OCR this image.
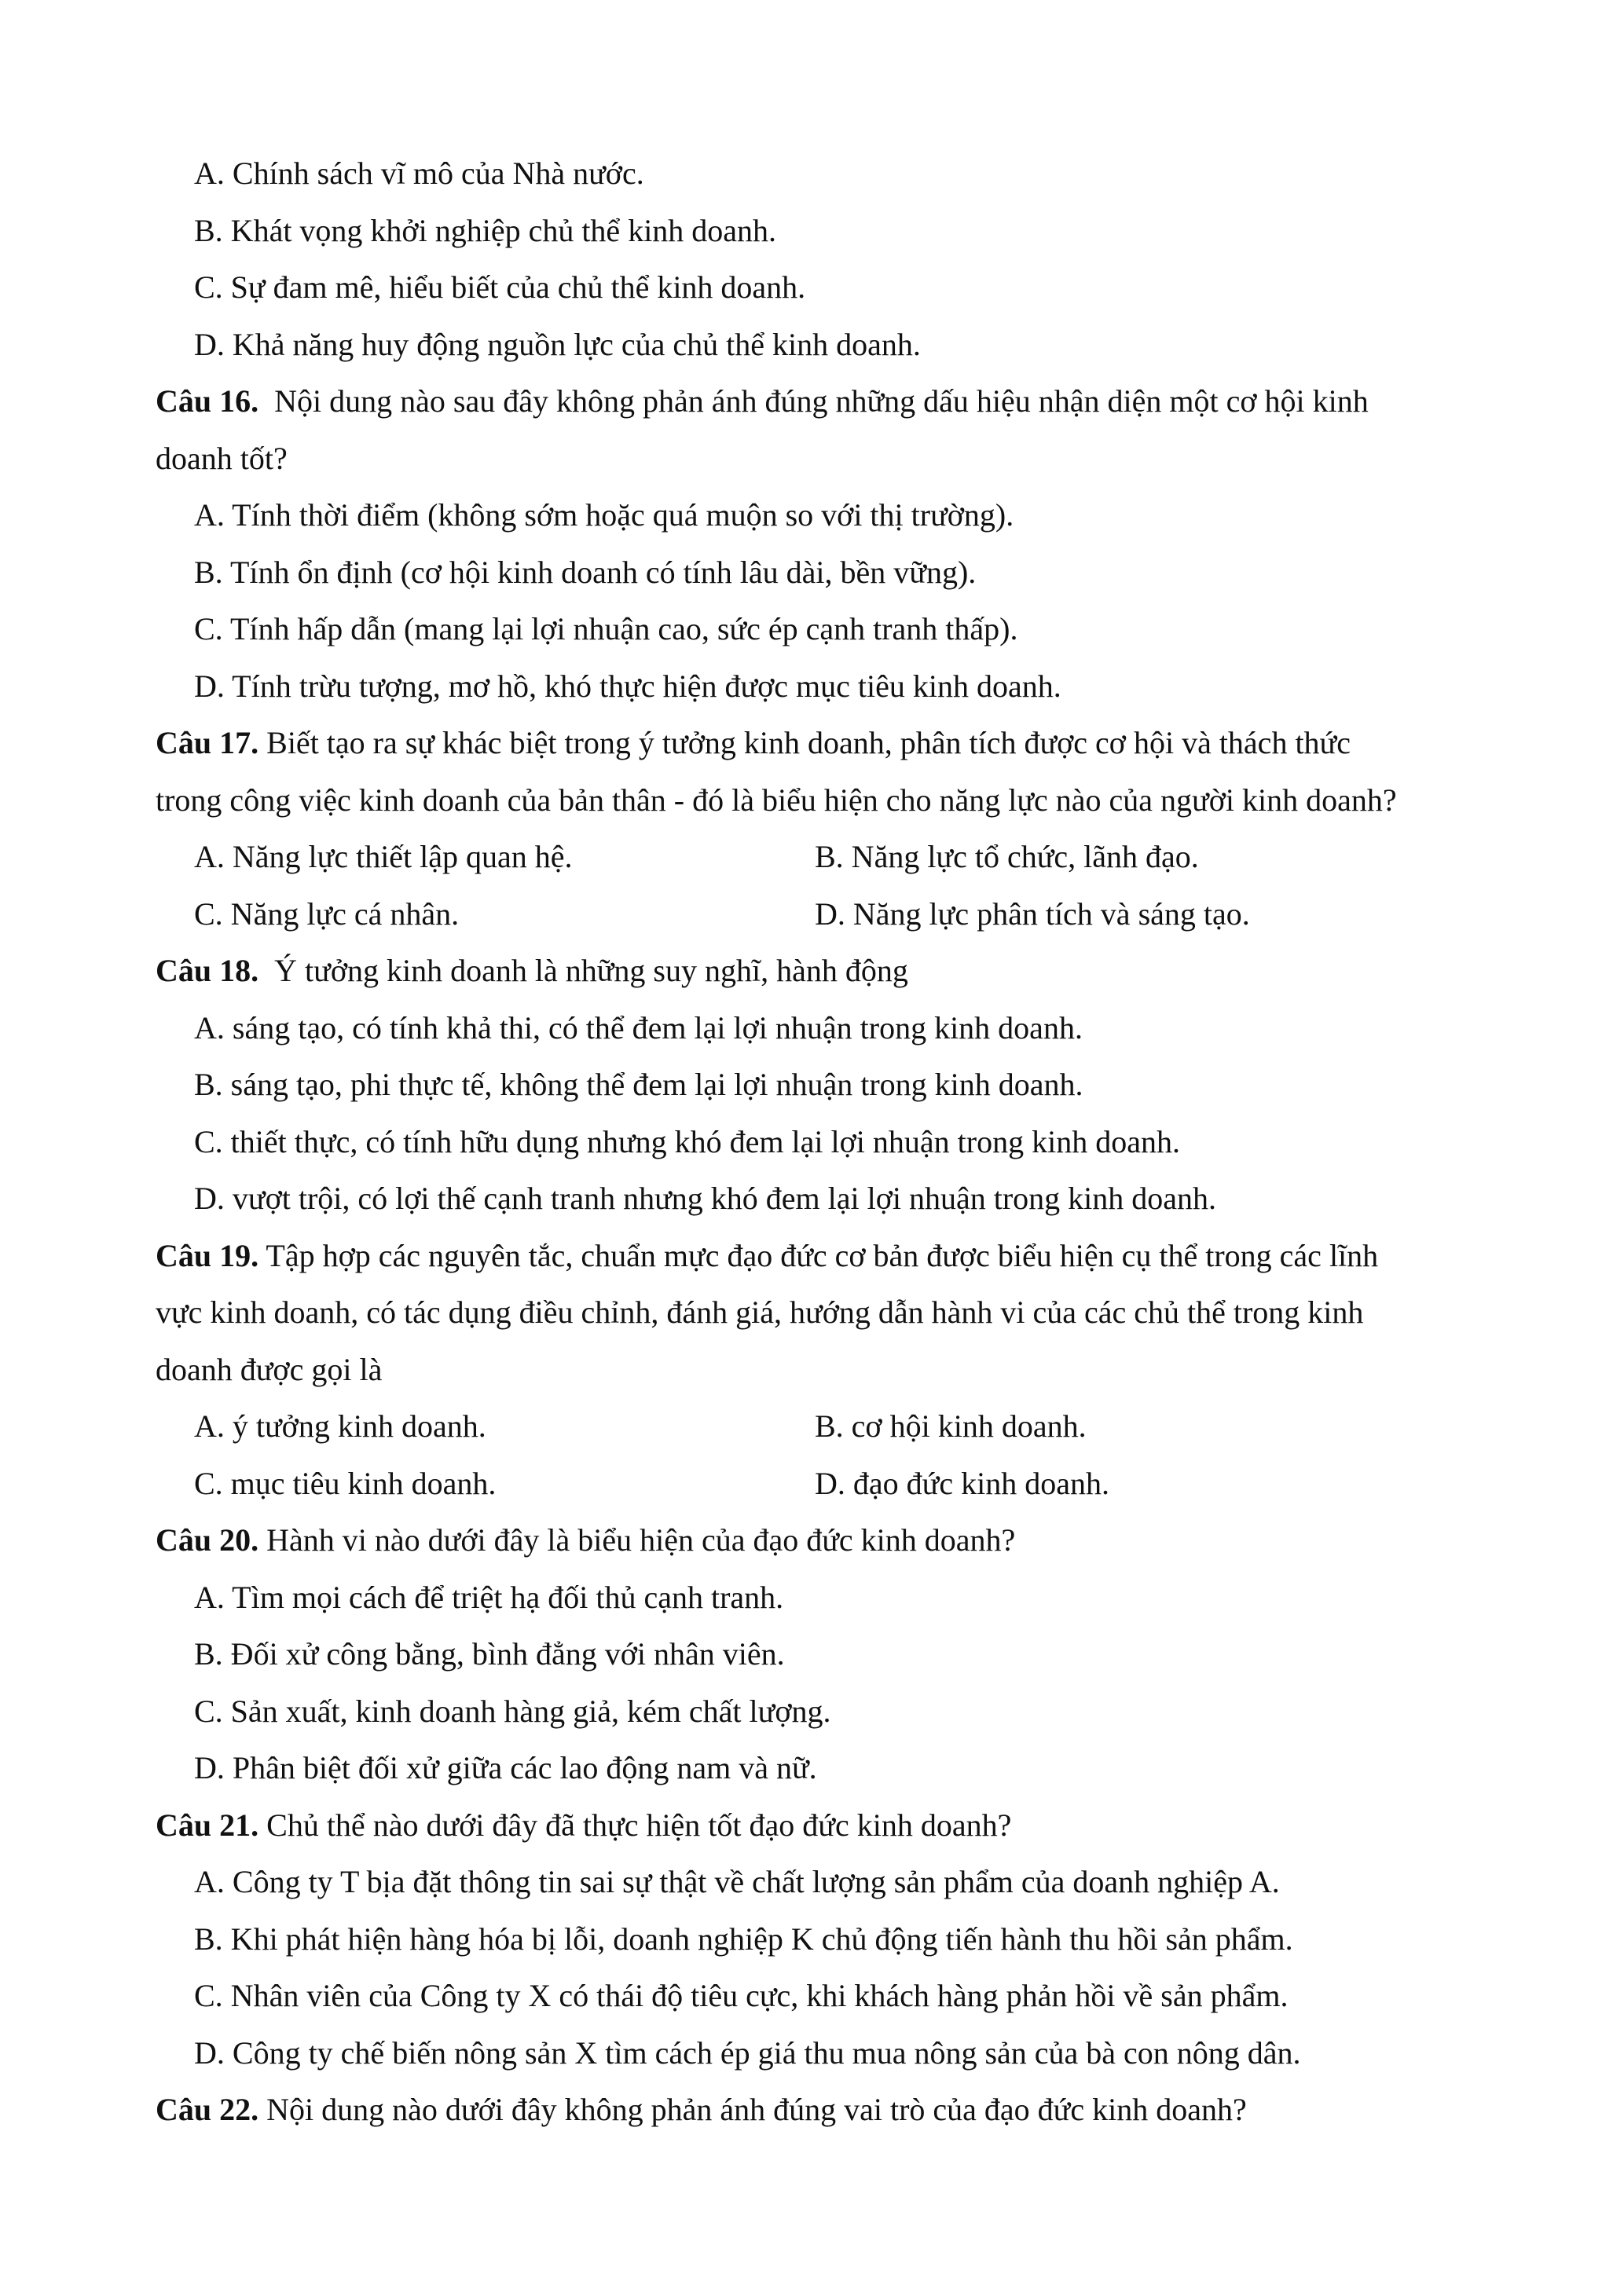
A. Chính sách vĩ mô của Nhà nước.
B. Khát vọng khởi nghiệp chủ thể kinh doanh.
C. Sự đam mê, hiểu biết của chủ thể kinh doanh.
D. Khả năng huy động nguồn lực của chủ thể kinh doanh.
Câu 16. Nội dung nào sau đây không phản ánh đúng những dấu hiệu nhận diện một cơ hội kinh
doanh tốt?
A. Tính thời điểm (không sớm hoặc quá muộn so với thị trường).
B. Tính ổn định (cơ hội kinh doanh có tính lâu dài, bền vững).
C. Tính hấp dẫn (mang lại lợi nhuận cao, sức ép cạnh tranh thấp).
D. Tính trừu tượng, mơ hồ, khó thực hiện được mục tiêu kinh doanh.
Câu 17. Biết tạo ra sự khác biệt trong ý tưởng kinh doanh, phân tích được cơ hội và thách thức
trong công việc kinh doanh của bản thân - đó là biểu hiện cho năng lực nào của người kinh doanh?
A. Năng lực thiết lập quan hệ.	B. Năng lực tổ chức, lãnh đạo.
C. Năng lực cá nhân.	D. Năng lực phân tích và sáng tạo.
Câu 18. Ý tưởng kinh doanh là những suy nghĩ, hành động
A. sáng tạo, có tính khả thi, có thể đem lại lợi nhuận trong kinh doanh.
B. sáng tạo, phi thực tế, không thể đem lại lợi nhuận trong kinh doanh.
C. thiết thực, có tính hữu dụng nhưng khó đem lại lợi nhuận trong kinh doanh.
D. vượt trội, có lợi thế cạnh tranh nhưng khó đem lại lợi nhuận trong kinh doanh.
Câu 19. Tập hợp các nguyên tắc, chuẩn mực đạo đức cơ bản được biểu hiện cụ thể trong các lĩnh
vực kinh doanh, có tác dụng điều chỉnh, đánh giá, hướng dẫn hành vi của các chủ thể trong kinh
doanh được gọi là
A. ý tưởng kinh doanh.	B. cơ hội kinh doanh.
C. mục tiêu kinh doanh.	D. đạo đức kinh doanh.
Câu 20. Hành vi nào dưới đây là biểu hiện của đạo đức kinh doanh?
A. Tìm mọi cách để triệt hạ đối thủ cạnh tranh.
B. Đối xử công bằng, bình đẳng với nhân viên.
C. Sản xuất, kinh doanh hàng giả, kém chất lượng.
D. Phân biệt đối xử giữa các lao động nam và nữ.
Câu 21. Chủ thể nào dưới đây đã thực hiện tốt đạo đức kinh doanh?
A. Công ty T bịa đặt thông tin sai sự thật về chất lượng sản phẩm của doanh nghiệp A.
B. Khi phát hiện hàng hóa bị lỗi, doanh nghiệp K chủ động tiến hành thu hồi sản phẩm.
C. Nhân viên của Công ty X có thái độ tiêu cực, khi khách hàng phản hồi về sản phẩm.
D. Công ty chế biến nông sản X tìm cách ép giá thu mua nông sản của bà con nông dân.
Câu 22. Nội dung nào dưới đây không phản ánh đúng vai trò của đạo đức kinh doanh?
